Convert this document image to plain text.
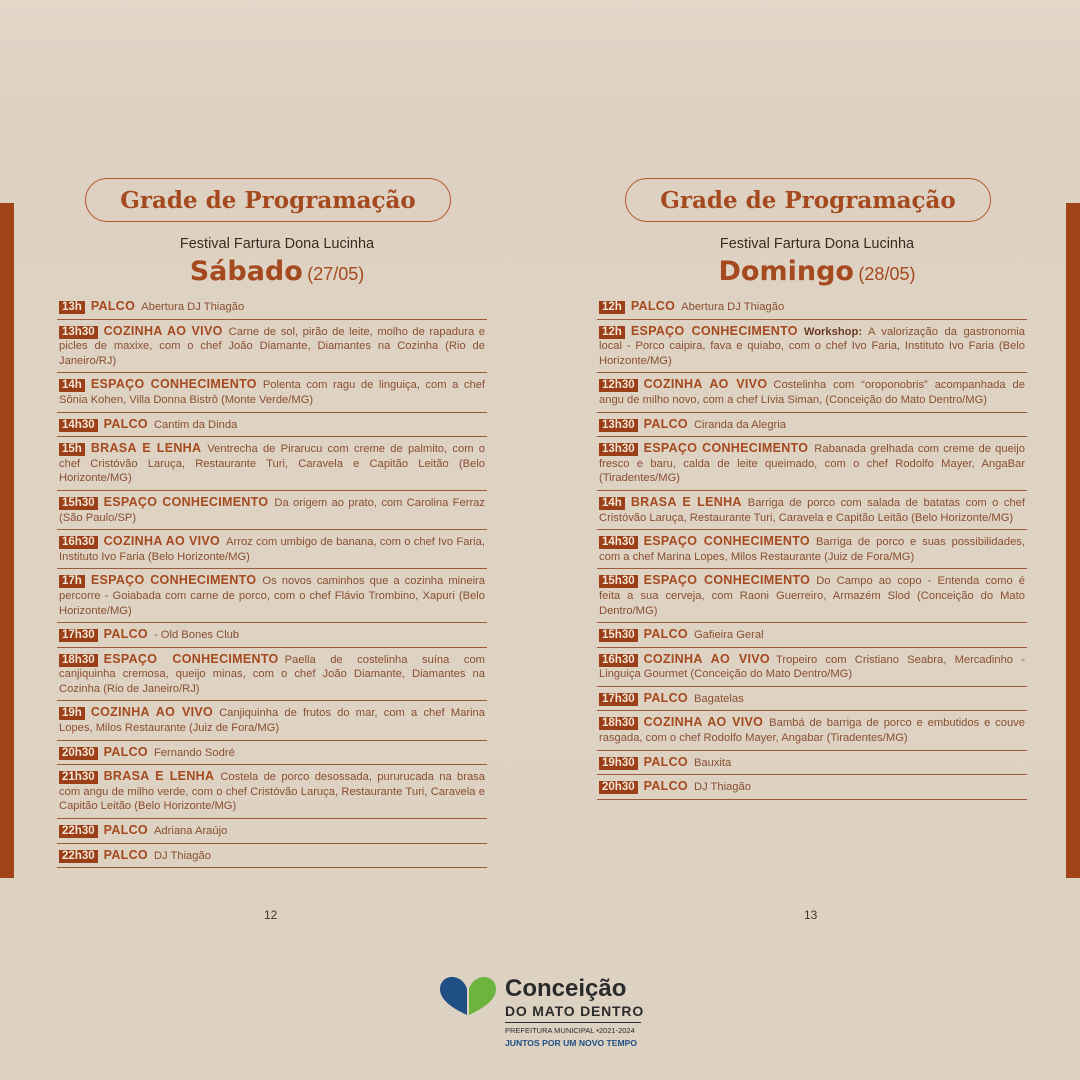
Grade de Programação
Festival Fartura Dona Lucinha
Sábado (27/05)
13h PALCO Abertura DJ Thiagão
13h30 COZINHA AO VIVO Carne de sol, pirão de leite, molho de rapadura e picles de maxixe, com o chef João Diamante, Diamantes na Cozinha (Rio de Janeiro/RJ)
14h ESPAÇO CONHECIMENTO Polenta com ragu de linguiça, com a chef Sônia Kohen, Villa Donna Bistrô (Monte Verde/MG)
14h30 PALCO Cantim da Dinda
15h BRASA E LENHA Ventrecha de Pirarucu com creme de palmito, com o chef Cristóvão Laruça, Restaurante Turi, Caravela e Capitão Leitão (Belo Horizonte/MG)
15h30 ESPAÇO CONHECIMENTO Da origem ao prato, com Carolina Ferraz (São Paulo/SP)
16h30 COZINHA AO VIVO Arroz com umbigo de banana, com o chef Ivo Faria, Instituto Ivo Faria (Belo Horizonte/MG)
17h ESPAÇO CONHECIMENTO Os novos caminhos que a cozinha mineira percorre - Goiabada com carne de porco, com o chef Flávio Trombino, Xapuri (Belo Horizonte/MG)
17h30 PALCO - Old Bones Club
18h30 ESPAÇO CONHECIMENTO Paella de costelinha suína com canjiquinha cremosa, queijo minas, com o chef João Diamante, Diamantes na Cozinha (Rio de Janeiro/RJ)
19h COZINHA AO VIVO Canjiquinha de frutos do mar, com a chef Marina Lopes, Milos Restaurante (Juiz de Fora/MG)
20h30 PALCO Fernando Sodré
21h30 BRASA E LENHA Costela de porco desossada, pururucada na brasa com angu de milho verde, com o chef Cristóvão Laruça, Restaurante Turi, Caravela e Capitão Leitão (Belo Horizonte/MG)
22h30 PALCO Adriana Araújo
22h30 PALCO DJ Thiagão
Grade de Programação
Festival Fartura Dona Lucinha
Domingo (28/05)
12h PALCO Abertura DJ Thiagão
12h ESPAÇO CONHECIMENTO Workshop: A valorização da gastronomia local - Porco caipira, fava e quiabo, com o chef Ivo Faria, Instituto Ivo Faria (Belo Horizonte/MG)
12h30 COZINHA AO VIVO Costelinha com “oroponobris” acompanhada de angu de milho novo, com a chef Lívia Siman, (Conceição do Mato Dentro/MG)
13h30 PALCO Ciranda da Alegria
13h30 ESPAÇO CONHECIMENTO Rabanada grelhada com creme de queijo fresco e baru, calda de leite queimado, com o chef Rodolfo Mayer, AngaBar (Tiradentes/MG)
14h BRASA E LENHA Barriga de porco com salada de batatas com o chef Cristóvão Laruça, Restaurante Turi, Caravela e Capitão Leitão (Belo Horizonte/MG)
14h30 ESPAÇO CONHECIMENTO Barriga de porco e suas possibilidades, com a chef Marina Lopes, Milos Restaurante (Juiz de Fora/MG)
15h30 ESPAÇO CONHECIMENTO Do Campo ao copo - Entenda como é feita a sua cerveja, com Raoni Guerreiro, Armazém Slod (Conceição do Mato Dentro/MG)
15h30 PALCO Gafieira Geral
16h30 COZINHA AO VIVO Tropeiro com Cristiano Seabra, Mercadinho - Linguiça Gourmet (Conceição do Mato Dentro/MG)
17h30 PALCO Bagatelas
18h30 COZINHA AO VIVO Bambá de barriga de porco e embutidos e couve rasgada, com o chef Rodolfo Mayer, Angabar (Tiradentes/MG)
19h30 PALCO Bauxita
20h30 PALCO DJ Thiagão
12	13
Conceição
DO MATO DENTRO
PREFEITURA MUNICIPAL •2021-2024
JUNTOS POR UM NOVO TEMPO
